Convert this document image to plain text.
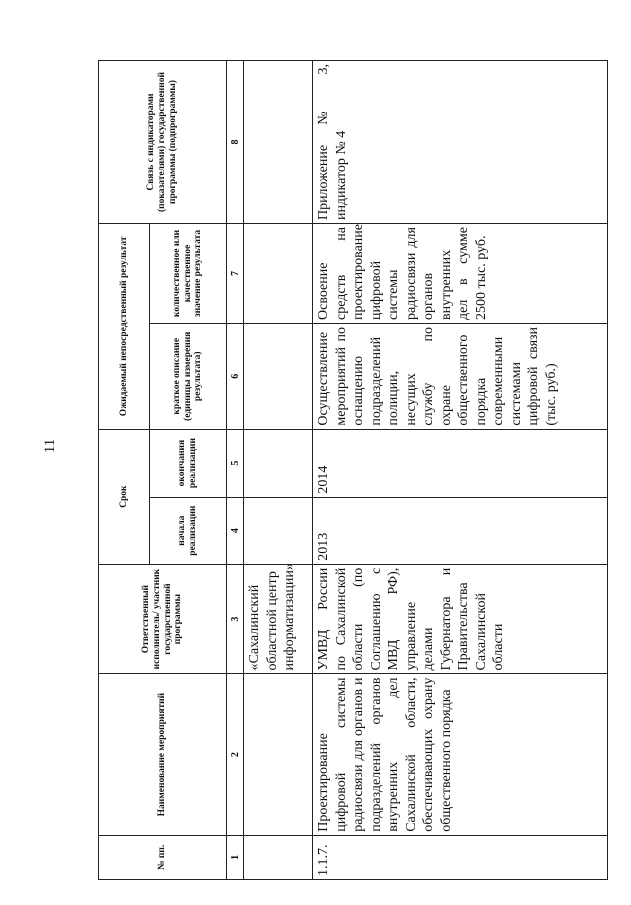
11
№ пп.	Наименование мероприятий	Ответственный исполнитель/ участник государственной программы	Срок		Ожидаемый непосредственный результат		Связь с индикаторами (показателями) государственной программы (подпрограммы)
			начала реализации	окончания реализации	краткое описание (единицы измерения результата)	количественное или качественное значение результата	
1	2	3	4	5	6	7	8
		«Сахалинский областной центр информатизации»					
1.1.7.	Проектирование цифровой системы радиосвязи для органов и подразделений органов внутренних дел Сахалинской области, обеспечивающих охрану общественного порядка	УМВД России по Сахалинской области (по Соглашению с МВД РФ), управление делами Губернатора и Правительства Сахалинской области	2013	2014	Осуществление мероприятий по оснащению подразделений полиции, несущих службу по охране общественного порядка современными системами цифровой связи (тыс. руб.)	Освоение средств на проектирование цифровой системы радиосвязи для органов внутренних дел в сумме 2500 тыс. руб.	Приложение № 3, индикатор № 4
